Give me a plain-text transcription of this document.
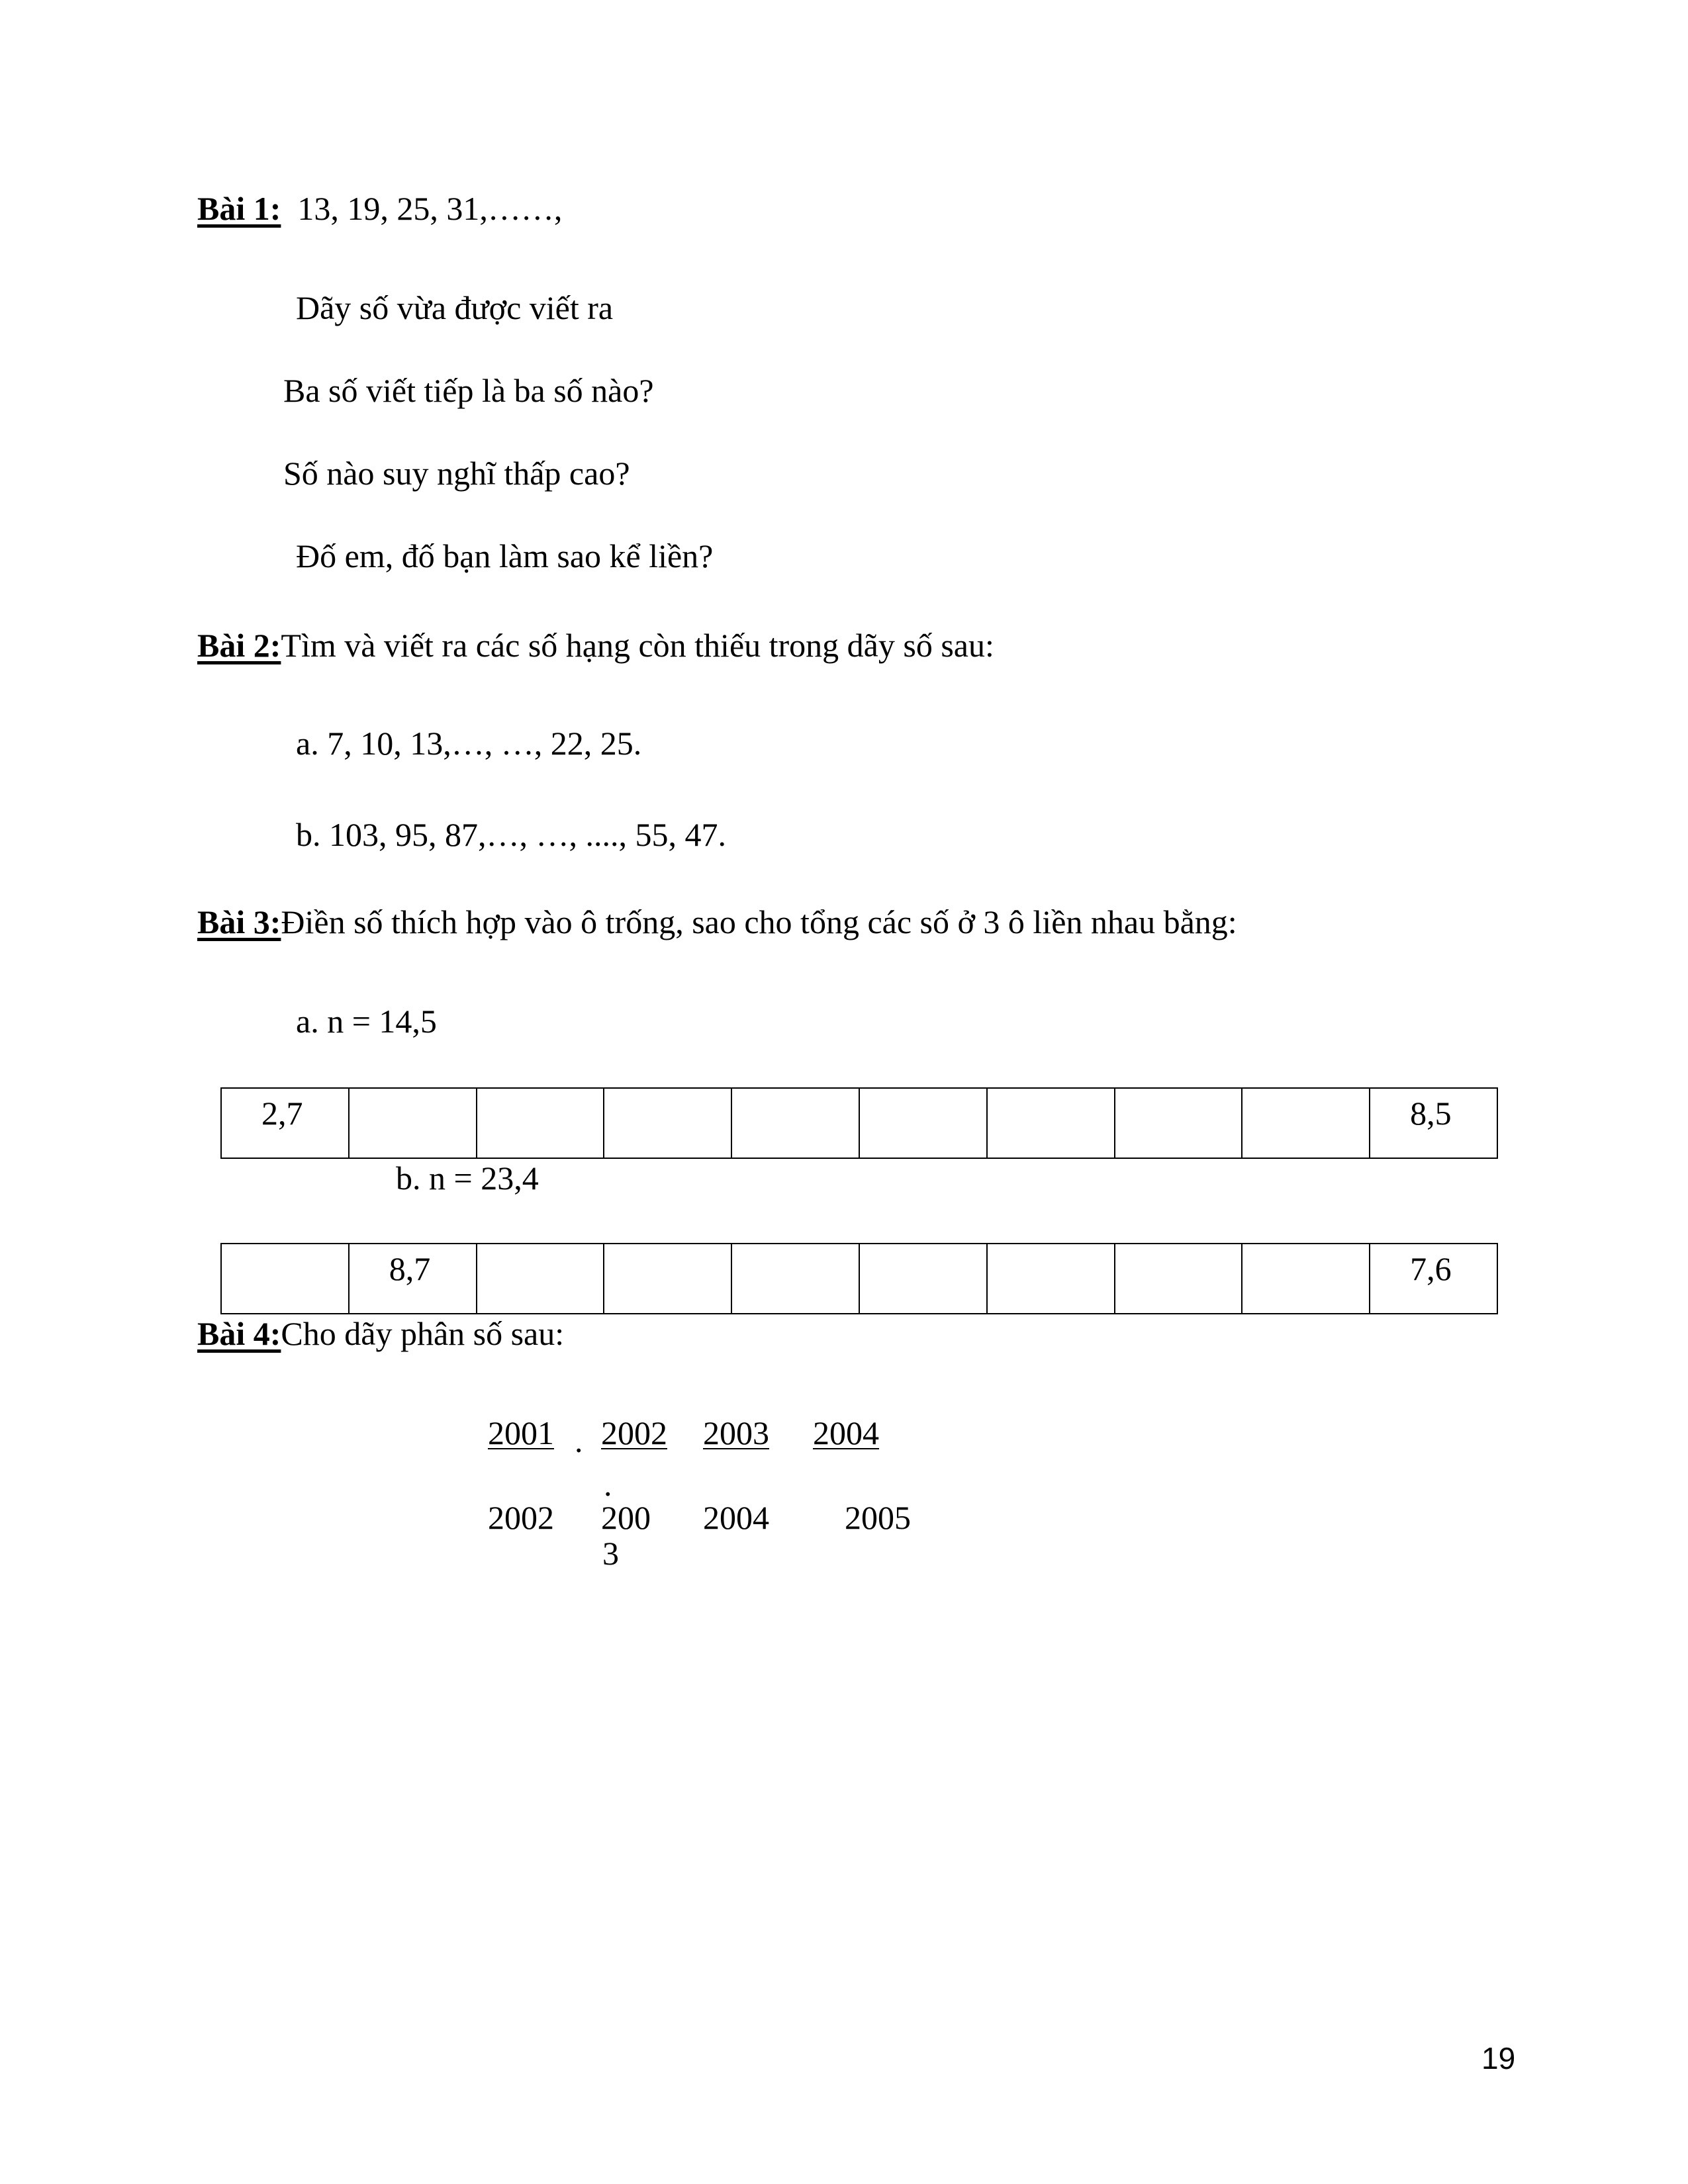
Bài 1: 13, 19, 25, 31,……,
Dãy số vừa được viết ra
Ba số viết tiếp là ba số nào?
Số nào suy nghĩ thấp cao?
Đố em, đố bạn làm sao kể liền?
Bài 2:Tìm và viết ra các số hạng còn thiếu trong dãy số sau:
a. 7, 10, 13,…, …, 22, 25.
b. 103, 95, 87,…, …, ...., 55, 47.
Bài 3:Điền số thích hợp vào ô trống, sao cho tổng các số ở 3 ô liền nhau bằng:
a. n = 14,5
2,7	8,5
b. n = 23,4
8,7	7,6
Bài 4:Cho dãy phân số sau:
2001 . 2002 2003 2004
.
2002 200
3
2004 2005
19
